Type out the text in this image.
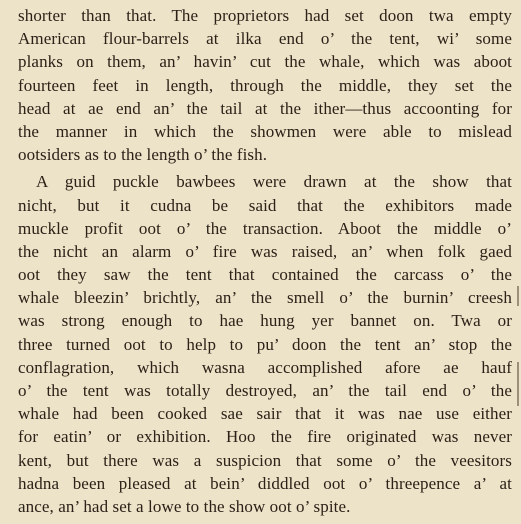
shorter than that. The proprietors had set doon twa empty
American flour-barrels at ilka end o’ the tent, wi’ some
planks on them, an’ havin’ cut the whale, which was aboot
fourteen feet in length, through the middle, they set the
head at ae end an’ the tail at the ither—thus accoonting for
the manner in which the showmen were able to mislead
ootsiders as to the length o’ the fish.
A guid puckle bawbees were drawn at the show that
nicht, but it cudna be said that the exhibitors made
muckle profit oot o’ the transaction. Aboot the middle o’
the nicht an alarm o’ fire was raised, an’ when folk gaed
oot they saw the tent that contained the carcass o’ the
whale bleezin’ brichtly, an’ the smell o’ the burnin’ creesh
was strong enough to hae hung yer bannet on. Twa or
three turned oot to help to pu’ doon the tent an’ stop the
conflagration, which wasna accomplished afore ae hauf
o’ the tent was totally destroyed, an’ the tail end o’ the
whale had been cooked sae sair that it was nae use either
for eatin’ or exhibition. Hoo the fire originated was never
kent, but there was a suspicion that some o’ the veesitors
hadna been pleased at bein’ diddled oot o’ threepence a’ at
ance, an’ had set a lowe to the show oot o’ spite.
